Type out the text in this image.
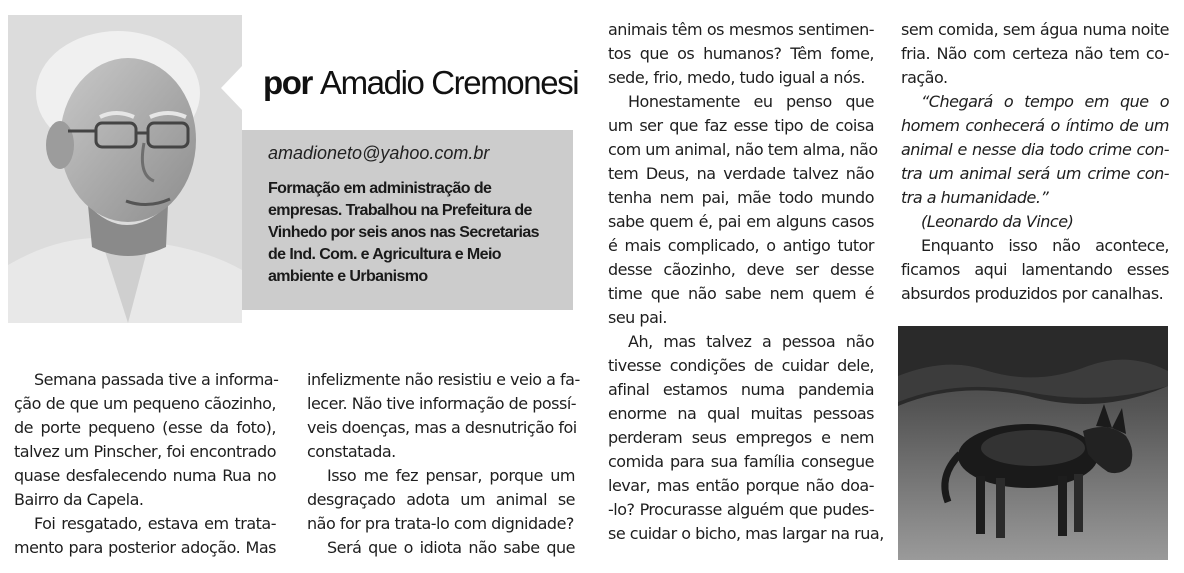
por Amadio Cremonesi
amadioneto@yahoo.com.br
Formação em administração de
empresas. Trabalhou na Prefeitura de
Vinhedo por seis anos nas Secretarias
de Ind. Com. e Agricultura e Meio
ambiente e Urbanismo
Semana passada tive a informa-
ção de que um pequeno cãozinho,
de porte pequeno (esse da foto),
talvez um Pinscher, foi encontrado
quase desfalecendo numa Rua no
Bairro da Capela.
Foi resgatado, estava em trata-
mento para posterior adoção. Mas
infelizmente não resistiu e veio a fa-
lecer. Não tive informação de possí-
veis doenças, mas a desnutrição foi
constatada.
Isso me fez pensar, porque um
desgraçado adota um animal se
não for pra trata-lo com dignidade?
Será que o idiota não sabe que
animais têm os mesmos sentimen-
tos que os humanos? Têm fome,
sede, frio, medo, tudo igual a nós.
Honestamente eu penso que
um ser que faz esse tipo de coisa
com um animal, não tem alma, não
tem Deus, na verdade talvez não
tenha nem pai, mãe todo mundo
sabe quem é, pai em alguns casos
é mais complicado, o antigo tutor
desse cãozinho, deve ser desse
time que não sabe nem quem é
seu pai.
Ah, mas talvez a pessoa não
tivesse condições de cuidar dele,
afinal estamos numa pandemia
enorme na qual muitas pessoas
perderam seus empregos e nem
comida para sua família consegue
levar, mas então porque não doa-
-lo? Procurasse alguém que pudes-
se cuidar o bicho, mas largar na rua,
sem comida, sem água numa noite
fria. Não com certeza não tem co-
ração.
“Chegará o tempo em que o
homem conhecerá o íntimo de um
animal e nesse dia todo crime con-
tra um animal será um crime con-
tra a humanidade.”
(Leonardo da Vince)
Enquanto isso não acontece,
ficamos aqui lamentando esses
absurdos produzidos por canalhas.
